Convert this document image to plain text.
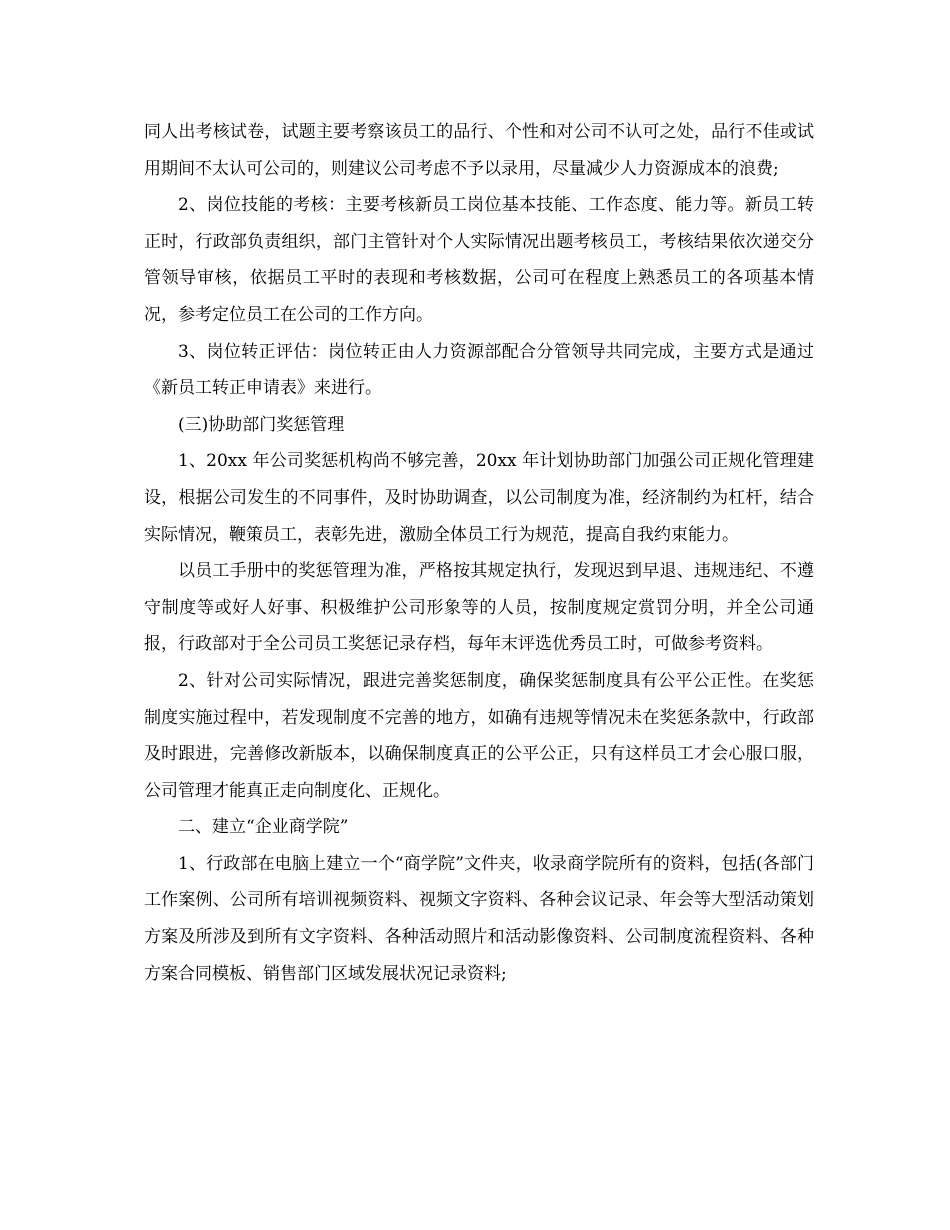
同人出考核试卷，试题主要考察该员工的品行、个性和对公司不认可之处，品行不佳或试用期间不太认可公司的，则建议公司考虑不予以录用，尽量减少人力资源成本的浪费;

2、岗位技能的考核：主要考核新员工岗位基本技能、工作态度、能力等。新员工转正时，行政部负责组织，部门主管针对个人实际情况出题考核员工，考核结果依次递交分管领导审核，依据员工平时的表现和考核数据，公司可在程度上熟悉员工的各项基本情况，参考定位员工在公司的工作方向。

3、岗位转正评估：岗位转正由人力资源部配合分管领导共同完成，主要方式是通过《新员工转正申请表》来进行。

(三)协助部门奖惩管理

1、20xx 年公司奖惩机构尚不够完善，20xx 年计划协助部门加强公司正规化管理建设，根据公司发生的不同事件，及时协助调查，以公司制度为准，经济制约为杠杆，结合实际情况，鞭策员工，表彰先进，激励全体员工行为规范，提高自我约束能力。

以员工手册中的奖惩管理为准，严格按其规定执行，发现迟到早退、违规违纪、不遵守制度等或好人好事、积极维护公司形象等的人员，按制度规定赏罚分明，并全公司通报，行政部对于全公司员工奖惩记录存档，每年末评选优秀员工时，可做参考资料。

2、针对公司实际情况，跟进完善奖惩制度，确保奖惩制度具有公平公正性。在奖惩制度实施过程中，若发现制度不完善的地方，如确有违规等情况未在奖惩条款中，行政部及时跟进，完善修改新版本，以确保制度真正的公平公正，只有这样员工才会心服口服，公司管理才能真正走向制度化、正规化。

二、建立“企业商学院”

1、行政部在电脑上建立一个“商学院”文件夹，收录商学院所有的资料，包括(各部门工作案例、公司所有培训视频资料、视频文字资料、各种会议记录、年会等大型活动策划方案及所涉及到所有文字资料、各种活动照片和活动影像资料、公司制度流程资料、各种方案合同模板、销售部门区域发展状况记录资料;
